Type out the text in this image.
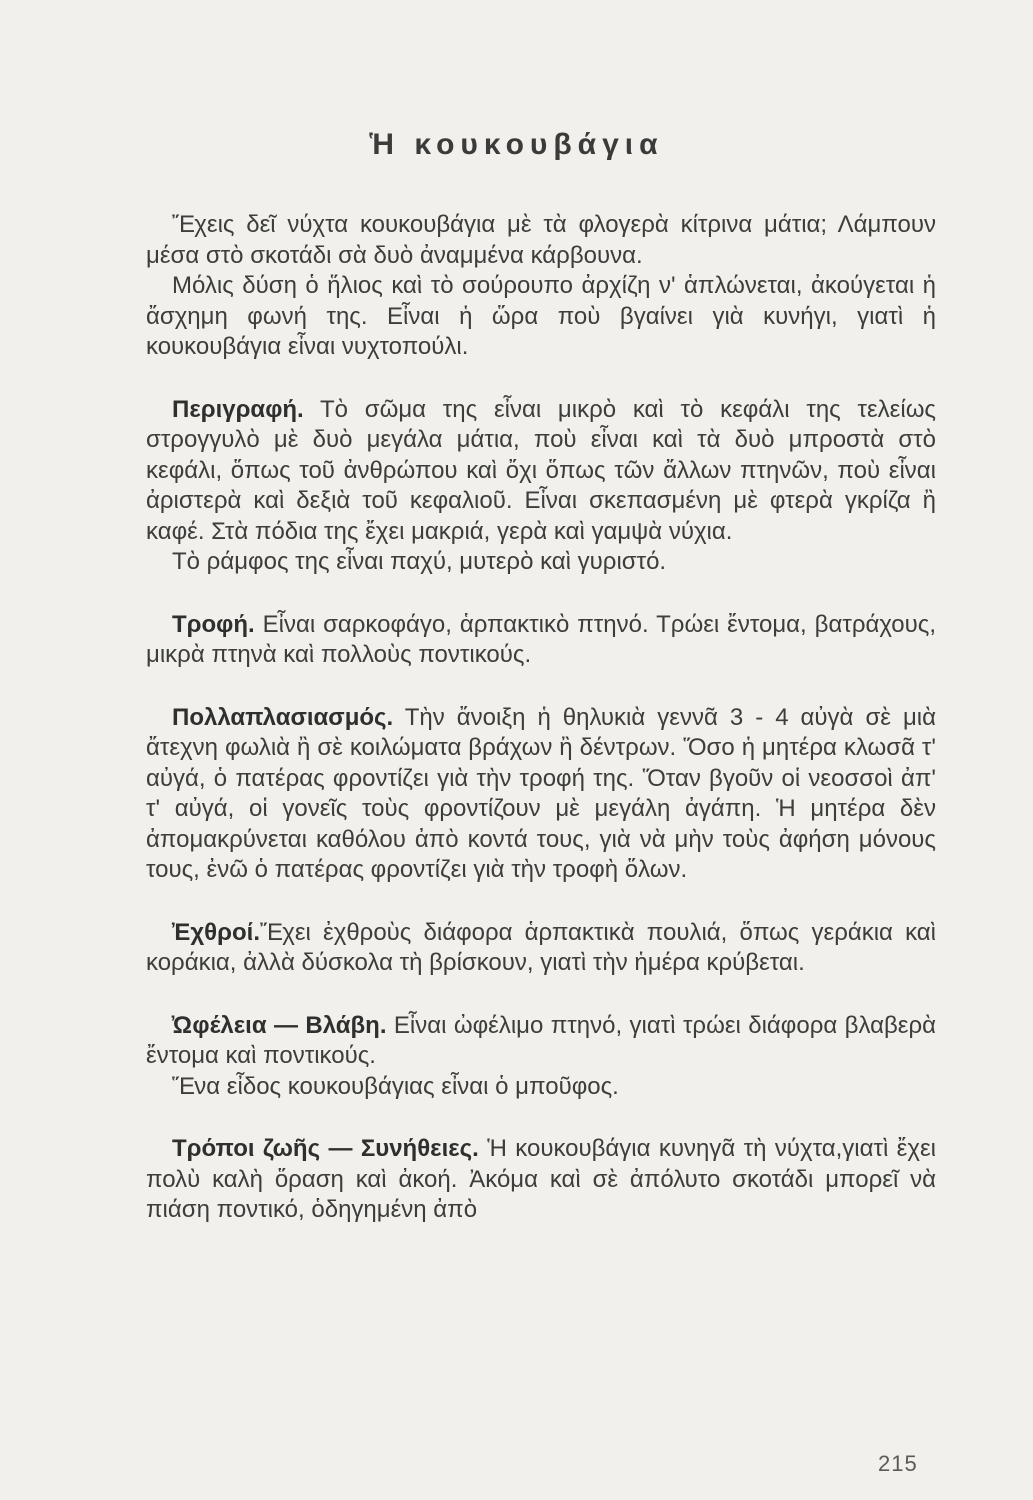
Ἡ κουκουβάγια

Ἔχεις δεῖ νύχτα κουκουβάγια μὲ τὰ φλογερὰ κίτρινα μάτια; Λάμπουν μέσα στὸ σκοτάδι σὰ δυὸ ἀναμμένα κάρβουνα.

Μόλις δύση ὁ ἥλιος καὶ τὸ σούρουπο ἀρχίζη ν' ἁπλώνεται, ἀκούγεται ἡ ἄσχημη φωνή της. Εἶναι ἡ ὥρα ποὺ βγαίνει γιὰ κυνήγι, γιατὶ ἡ κουκουβάγια εἶναι νυχτοπούλι.

Περιγραφή. Τὸ σῶμα της εἶναι μικρὸ καὶ τὸ κεφάλι της τελείως στρογγυλὸ μὲ δυὸ μεγάλα μάτια, ποὺ εἶναι καὶ τὰ δυὸ μπροστὰ στὸ κεφάλι, ὅπως τοῦ ἀνθρώπου καὶ ὄχι ὅπως τῶν ἄλλων πτηνῶν, ποὺ εἶναι ἀριστερὰ καὶ δεξιὰ τοῦ κεφαλιοῦ. Εἶναι σκεπασμένη μὲ φτερὰ γκρίζα ἢ καφέ. Στὰ πόδια της ἔχει μακριά, γερὰ καὶ γαμψὰ νύχια.

Τὸ ράμφος της εἶναι παχύ, μυτερὸ καὶ γυριστό.

Τροφή. Εἶναι σαρκοφάγο, ἁρπακτικὸ πτηνό. Τρώει ἔντομα, βατράχους, μικρὰ πτηνὰ καὶ πολλοὺς ποντικούς.

Πολλαπλασιασμός. Τὴν ἄνοιξη ἡ θηλυκιὰ γεννᾶ 3 - 4 αὐγὰ σὲ μιὰ ἄτεχνη φωλιὰ ἢ σὲ κοιλώματα βράχων ἢ δέντρων. Ὅσο ἡ μητέρα κλωσᾶ τ' αὐγά, ὁ πατέρας φροντίζει γιὰ τὴν τροφή της. Ὅταν βγοῦν οἱ νεοσσοὶ ἀπ' τ' αὐγά, οἱ γονεῖς τοὺς φροντίζουν μὲ μεγάλη ἀγάπη. Ἡ μητέρα δὲν ἀπομακρύνεται καθόλου ἀπὸ κοντά τους, γιὰ νὰ μὴν τοὺς ἀφήση μόνους τους, ἐνῶ ὁ πατέρας φροντίζει γιὰ τὴν τροφὴ ὅλων.

Ἐχθροί.Ἔχει ἐχθροὺς διάφορα ἁρπακτικὰ πουλιά, ὅπως γεράκια καὶ κοράκια, ἀλλὰ δύσκολα τὴ βρίσκουν, γιατὶ τὴν ἡμέρα κρύβεται.

Ὠφέλεια — Βλάβη. Εἶναι ὠφέλιμο πτηνό, γιατὶ τρώει διάφορα βλαβερὰ ἔντομα καὶ ποντικούς.

Ἕνα εἶδος κουκουβάγιας εἶναι ὁ μποῦφος.

Τρόποι ζωῆς — Συνήθειες. Ἡ κουκουβάγια κυνηγᾶ τὴ νύχτα,γιατὶ ἔχει πολὺ καλὴ ὅραση καὶ ἀκοή. Ἀκόμα καὶ σὲ ἀπόλυτο σκοτάδι μπορεῖ νὰ πιάση ποντικό, ὁδηγημένη ἀπὸ

215
